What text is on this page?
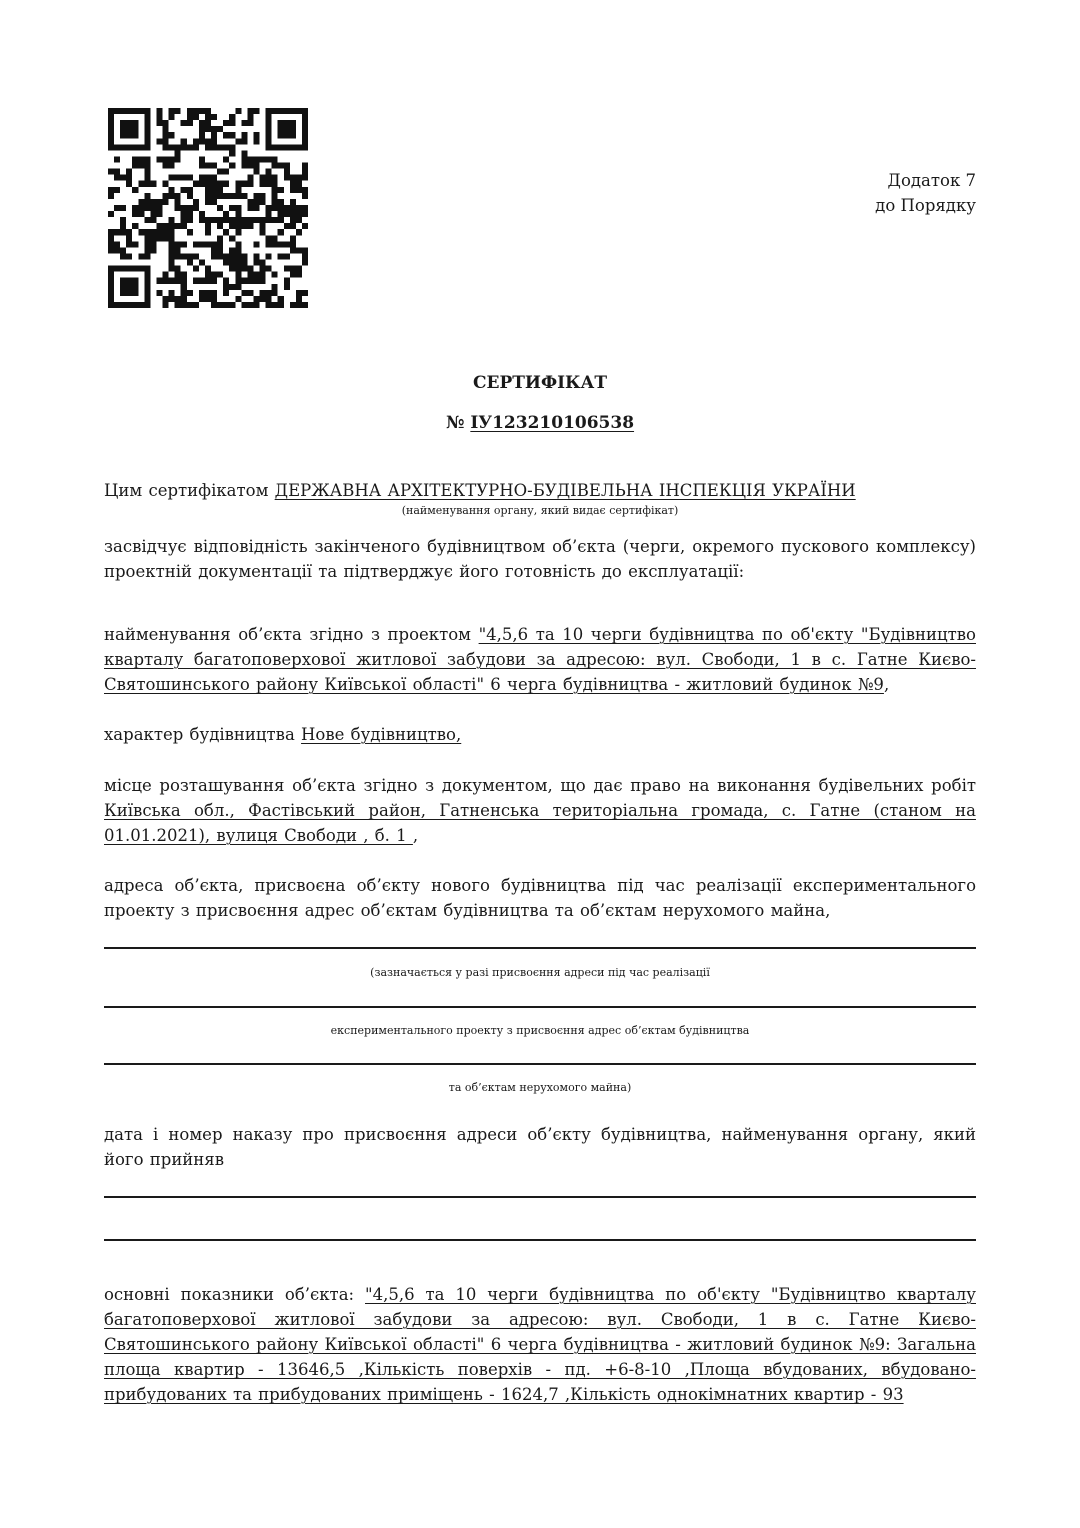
Додаток 7
до Порядку
СЕРТИФІКАТ
№ ІУ123210106538
Цим сертифікатом ДЕРЖАВНА АРХІТЕКТУРНО-БУДІВЕЛЬНА ІНСПЕКЦІЯ УКРАЇНИ
(найменування органу, який видає сертифікат)
засвідчує відповідність закінченого будівництвом об’єкта (черги, окремого пускового комплексу) проектній документації та підтверджує його готовність до експлуатації:
найменування об’єкта згідно з проектом "4,5,6 та 10 черги будівництва по об'єкту "Будівництво кварталу багатоповерхової житлової забудови за адресою: вул. Свободи, 1 в с. Гатне Києво-Святошинського району Київської області" 6 черга будівництва - житловий будинок №9,
характер будівництва Нове будівництво,
місце розташування об’єкта згідно з документом, що дає право на виконання будівельних робіт Київська обл., Фастівський район, Гатненська територіальна громада, с. Гатне (станом на 01.01.2021), вулиця Свободи , б. 1 ,
адреса об’єкта, присвоєна об’єкту нового будівництва під час реалізації експериментального проекту з присвоєння адрес об’єктам будівництва та об’єктам нерухомого майна,
(зазначається у разі присвоєння адреси під час реалізації
експериментального проекту з присвоєння адрес об’єктам будівництва
та об’єктам нерухомого майна)
дата і номер наказу про присвоєння адреси об’єкту будівництва, найменування органу, який його прийняв
основні показники об’єкта: "4,5,6 та 10 черги будівництва по об'єкту "Будівництво кварталу багатоповерхової житлової забудови за адресою: вул. Свободи, 1 в с. Гатне Києво-Святошинського району Київської області" 6 черга будівництва - житловий будинок №9: Загальна площа квартир - 13646,5 ,Кількість поверхів - пд. +6-8-10 ,Площа вбудованих, вбудовано-прибудованих та прибудованих приміщень - 1624,7 ,Кількість однокімнатних квартир - 93
